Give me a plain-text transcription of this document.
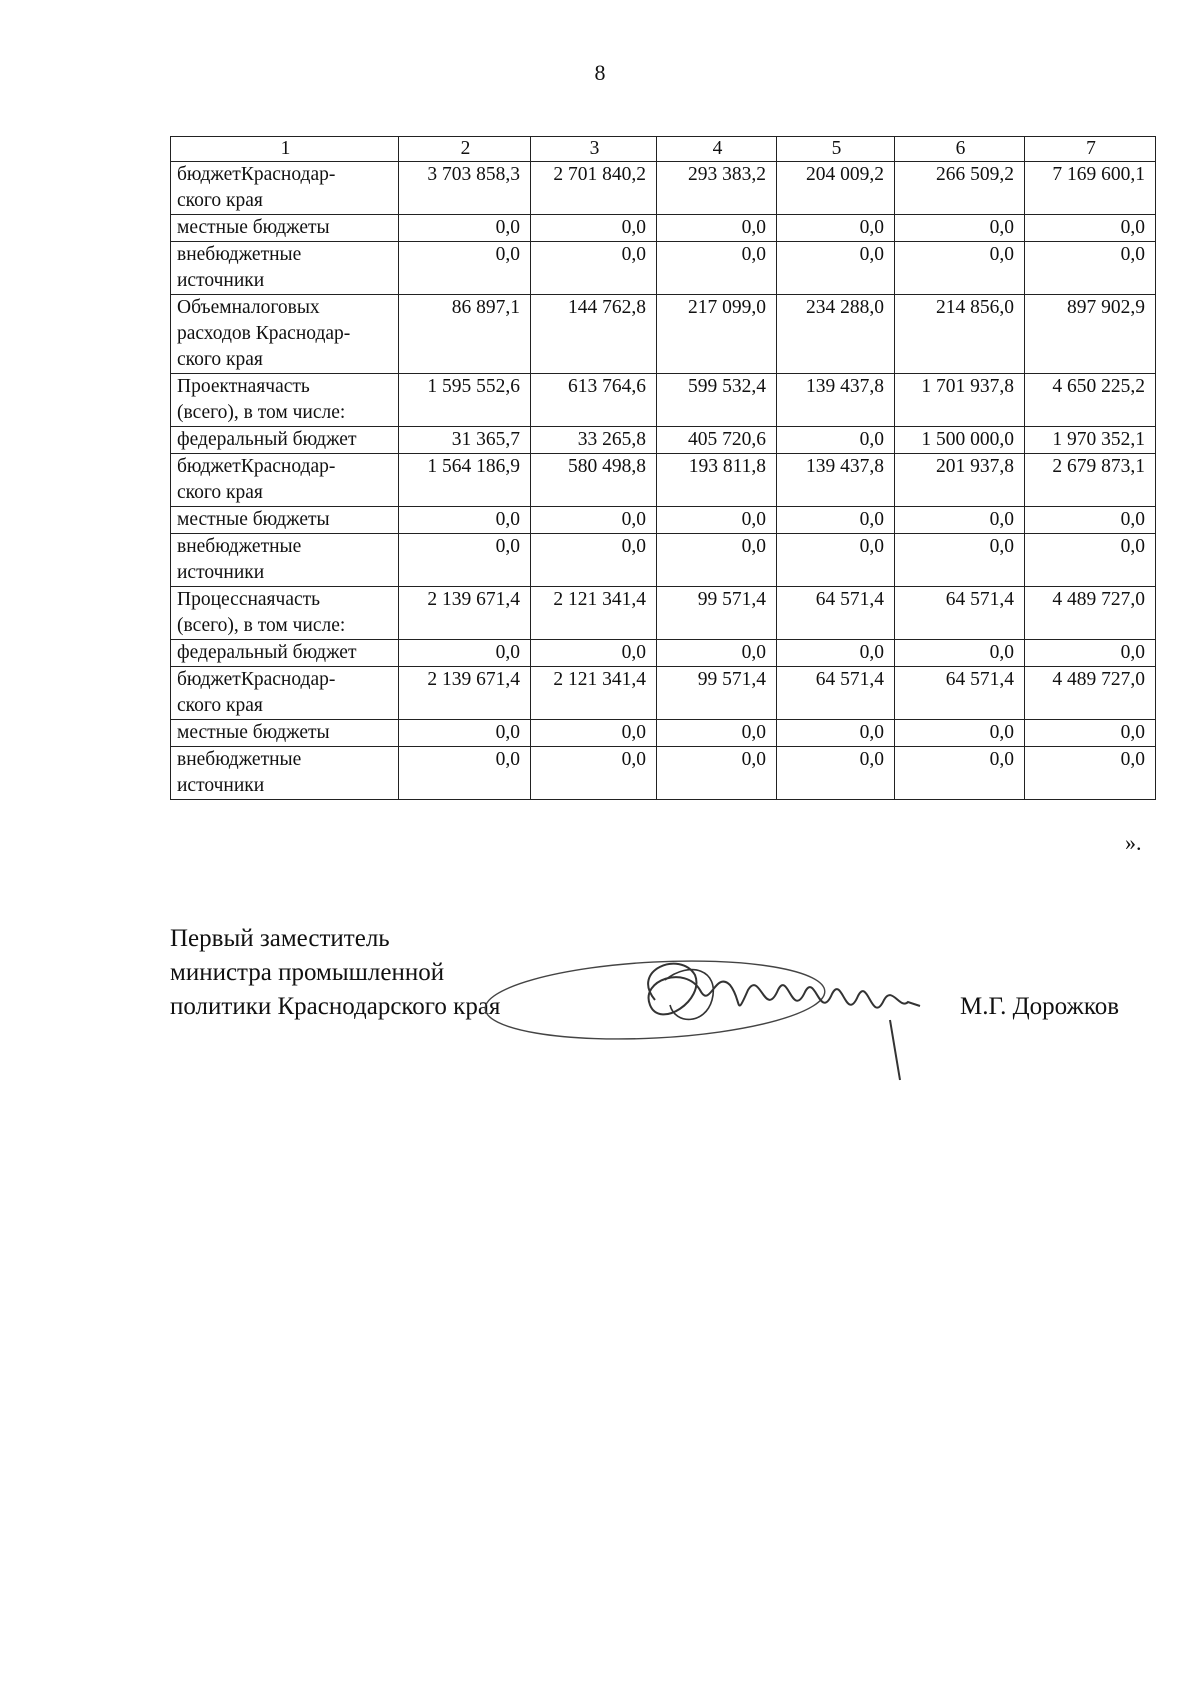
8
1	2	3	4	5	6	7

бюджетКраснодар-
ского края	3 703 858,3	2 701 840,2	293 383,2	204 009,2	266 509,2	7 169 600,1

местные бюджеты	0,0	0,0	0,0	0,0	0,0	0,0

внебюджетные
источники	0,0	0,0	0,0	0,0	0,0	0,0

Объемналоговых
расходов Краснодар-
ского края	86 897,1	144 762,8	217 099,0	234 288,0	214 856,0	897 902,9

Проектнаячасть
(всего), в том числе:	1 595 552,6	613 764,6	599 532,4	139 437,8	1 701 937,8	4 650 225,2

федеральный бюджет	31 365,7	33 265,8	405 720,6	0,0	1 500 000,0	1 970 352,1

бюджетКраснодар-
ского края	1 564 186,9	580 498,8	193 811,8	139 437,8	201 937,8	2 679 873,1

местные бюджеты	0,0	0,0	0,0	0,0	0,0	0,0

внебюджетные
источники	0,0	0,0	0,0	0,0	0,0	0,0

Процесснаячасть
(всего), в том числе:	2 139 671,4	2 121 341,4	99 571,4	64 571,4	64 571,4	4 489 727,0

федеральный бюджет	0,0	0,0	0,0	0,0	0,0	0,0

бюджетКраснодар-
ского края	2 139 671,4	2 121 341,4	99 571,4	64 571,4	64 571,4	4 489 727,0

местные бюджеты	0,0	0,0	0,0	0,0	0,0	0,0

внебюджетные
источники	0,0	0,0	0,0	0,0	0,0	0,0
».
Первый заместитель
министра промышленной
политики Краснодарского края	М.Г. Дорожков
